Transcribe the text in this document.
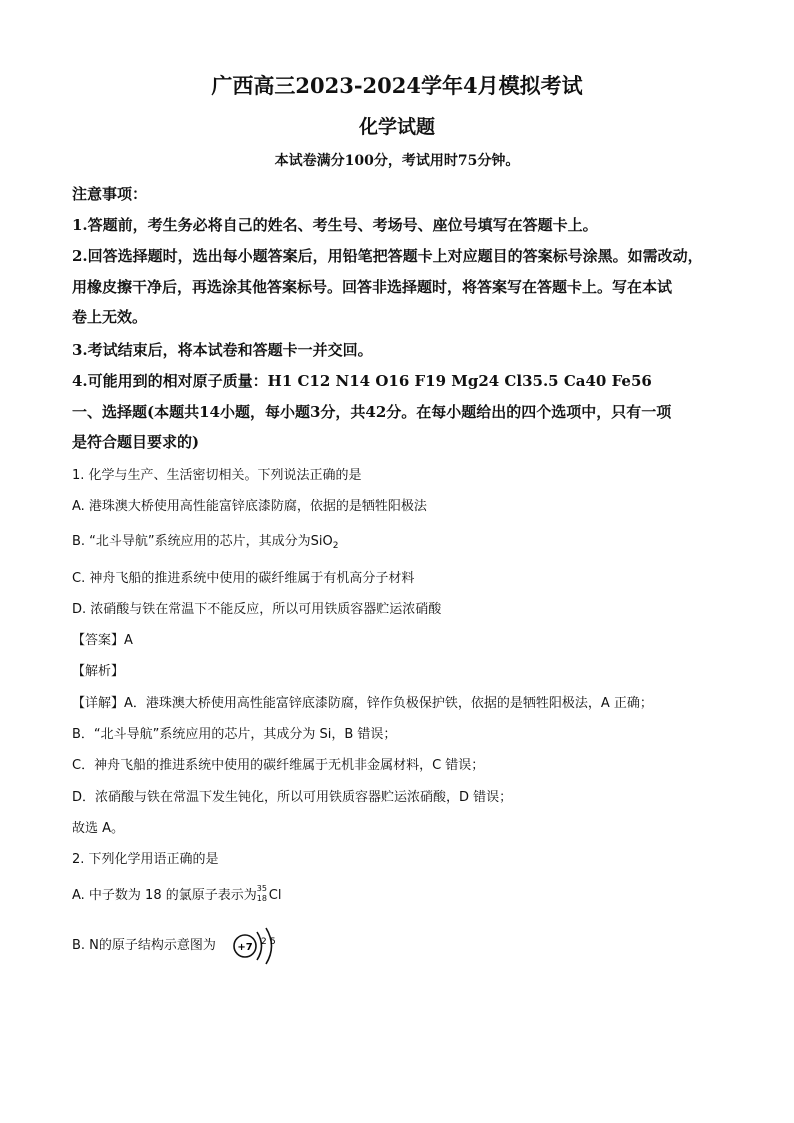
广西高三2023-2024学年4月模拟考试
化学试题
本试卷满分100分，考试用时75分钟。
注意事项：
1.答题前，考生务必将自己的姓名、考生号、考场号、座位号填写在答题卡上。
2.回答选择题时，选出每小题答案后，用铅笔把答题卡上对应题目的答案标号涂黑。如需改动，
用橡皮擦干净后，再选涂其他答案标号。回答非选择题时，将答案写在答题卡上。写在本试
卷上无效。
3.考试结束后，将本试卷和答题卡一并交回。
4.可能用到的相对原子质量：H1 C12 N14 O16 F19 Mg24 Cl35.5 Ca40 Fe56
一、选择题(本题共14小题，每小题3分，共42分。在每小题给出的四个选项中，只有一项
是符合题目要求的)
1. 化学与生产、生活密切相关。下列说法正确的是
A. 港珠澳大桥使用高性能富锌底漆防腐，依据的是牺牲阳极法
B. “北斗导航”系统应用的芯片，其成分为SiO$_2$
C. 神舟飞船的推进系统中使用的碳纤维属于有机高分子材料
D. 浓硝酸与铁在常温下不能反应，所以可用铁质容器贮运浓硝酸
【答案】A
【解析】
【详解】A．港珠澳大桥使用高性能富锌底漆防腐，锌作负极保护铁，依据的是牺牲阳极法，A 正确；
B．“北斗导航”系统应用的芯片，其成分为 Si，B 错误；
C．神舟飞船的推进系统中使用的碳纤维属于无机非金属材料，C 错误；
D．浓硝酸与铁在常温下发生钝化，所以可用铁质容器贮运浓硝酸，D 错误；
故选 A。
2. 下列化学用语正确的是
A. 中子数为 18 的氯原子表示为 35
18 Cl
B. N的原子结构示意图为 +7 2 5
